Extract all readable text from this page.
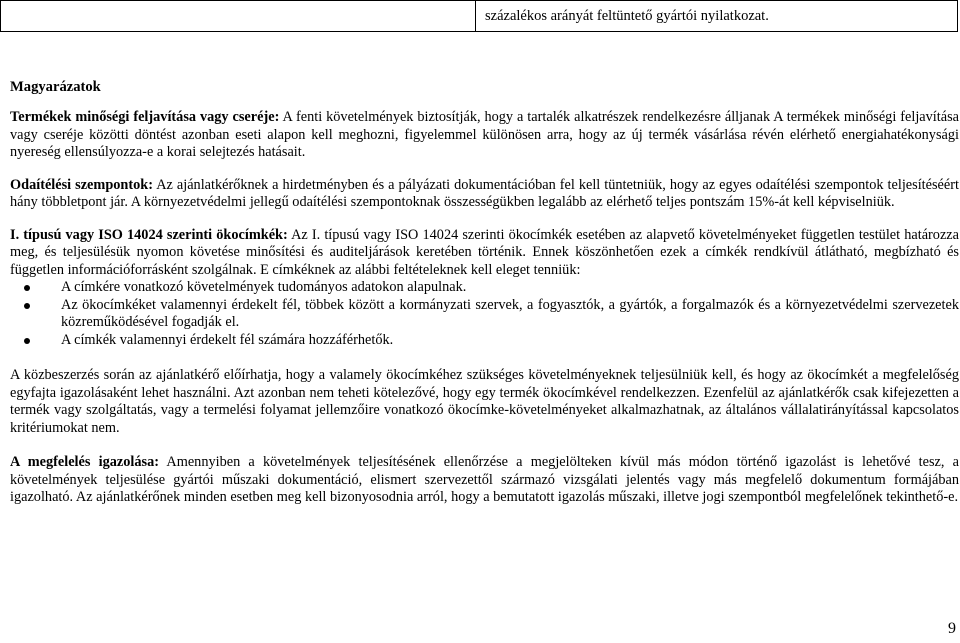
százalékos arányát feltüntető gyártói nyilatkozat.
Magyarázatok

Termékek minőségi feljavítása vagy cseréje: A fenti követelmények biztosítják, hogy a tartalék alkatrészek rendelkezésre álljanak A termékek minőségi feljavítása vagy cseréje közötti döntést azonban eseti alapon kell meghozni, figyelemmel különösen arra, hogy az új termék vásárlása révén elérhető energiahatékonysági nyereség ellensúlyozza-e a korai selejtezés hatásait.

Odaítélési szempontok: Az ajánlatkérőknek a hirdetményben és a pályázati dokumentációban fel kell tüntetniük, hogy az egyes odaítélési szempontok teljesítéséért hány többletpont jár. A környezetvédelmi jellegű odaítélési szempontoknak összességükben legalább az elérhető teljes pontszám 15%-át kell képviselniük.

I. típusú vagy ISO 14024 szerinti ökocímkék: Az I. típusú vagy ISO 14024 szerinti ökocímkék esetében az alapvető követelményeket független testület határozza meg, és teljesülésük nyomon követése minősítési és auditeljárások keretében történik. Ennek köszönhetően ezek a címkék rendkívül átlátható, megbízható és független információforrásként szolgálnak. E címkéknek az alábbi feltételeknek kell eleget tenniük:

A címkére vonatkozó követelmények tudományos adatokon alapulnak.
Az ökocímkéket valamennyi érdekelt fél, többek között a kormányzati szervek, a fogyasztók, a gyártók, a forgalmazók és a környezetvédelmi szervezetek közreműködésével fogadják el.
A címkék valamennyi érdekelt fél számára hozzáférhetők.

A közbeszerzés során az ajánlatkérő előírhatja, hogy a valamely ökocímkéhez szükséges követelményeknek teljesülniük kell, és hogy az ökocímkét a megfelelőség egyfajta igazolásaként lehet használni. Azt azonban nem teheti kötelezővé, hogy egy termék ökocímkével rendelkezzen. Ezenfelül az ajánlatkérők csak kifejezetten a termék vagy szolgáltatás, vagy a termelési folyamat jellemzőire vonatkozó ökocímke-követelményeket alkalmazhatnak, az általános vállalatirányítással kapcsolatos kritériumokat nem.

A megfelelés igazolása: Amennyiben a követelmények teljesítésének ellenőrzése a megjelölteken kívül más módon történő igazolást is lehetővé tesz, a követelmények teljesülése gyártói műszaki dokumentáció, elismert szervezettől származó vizsgálati jelentés vagy más megfelelő dokumentum formájában igazolható. Az ajánlatkérőnek minden esetben meg kell bizonyosodnia arról, hogy a bemutatott igazolás műszaki, illetve jogi szempontból megfelelőnek tekinthető-e.

9
